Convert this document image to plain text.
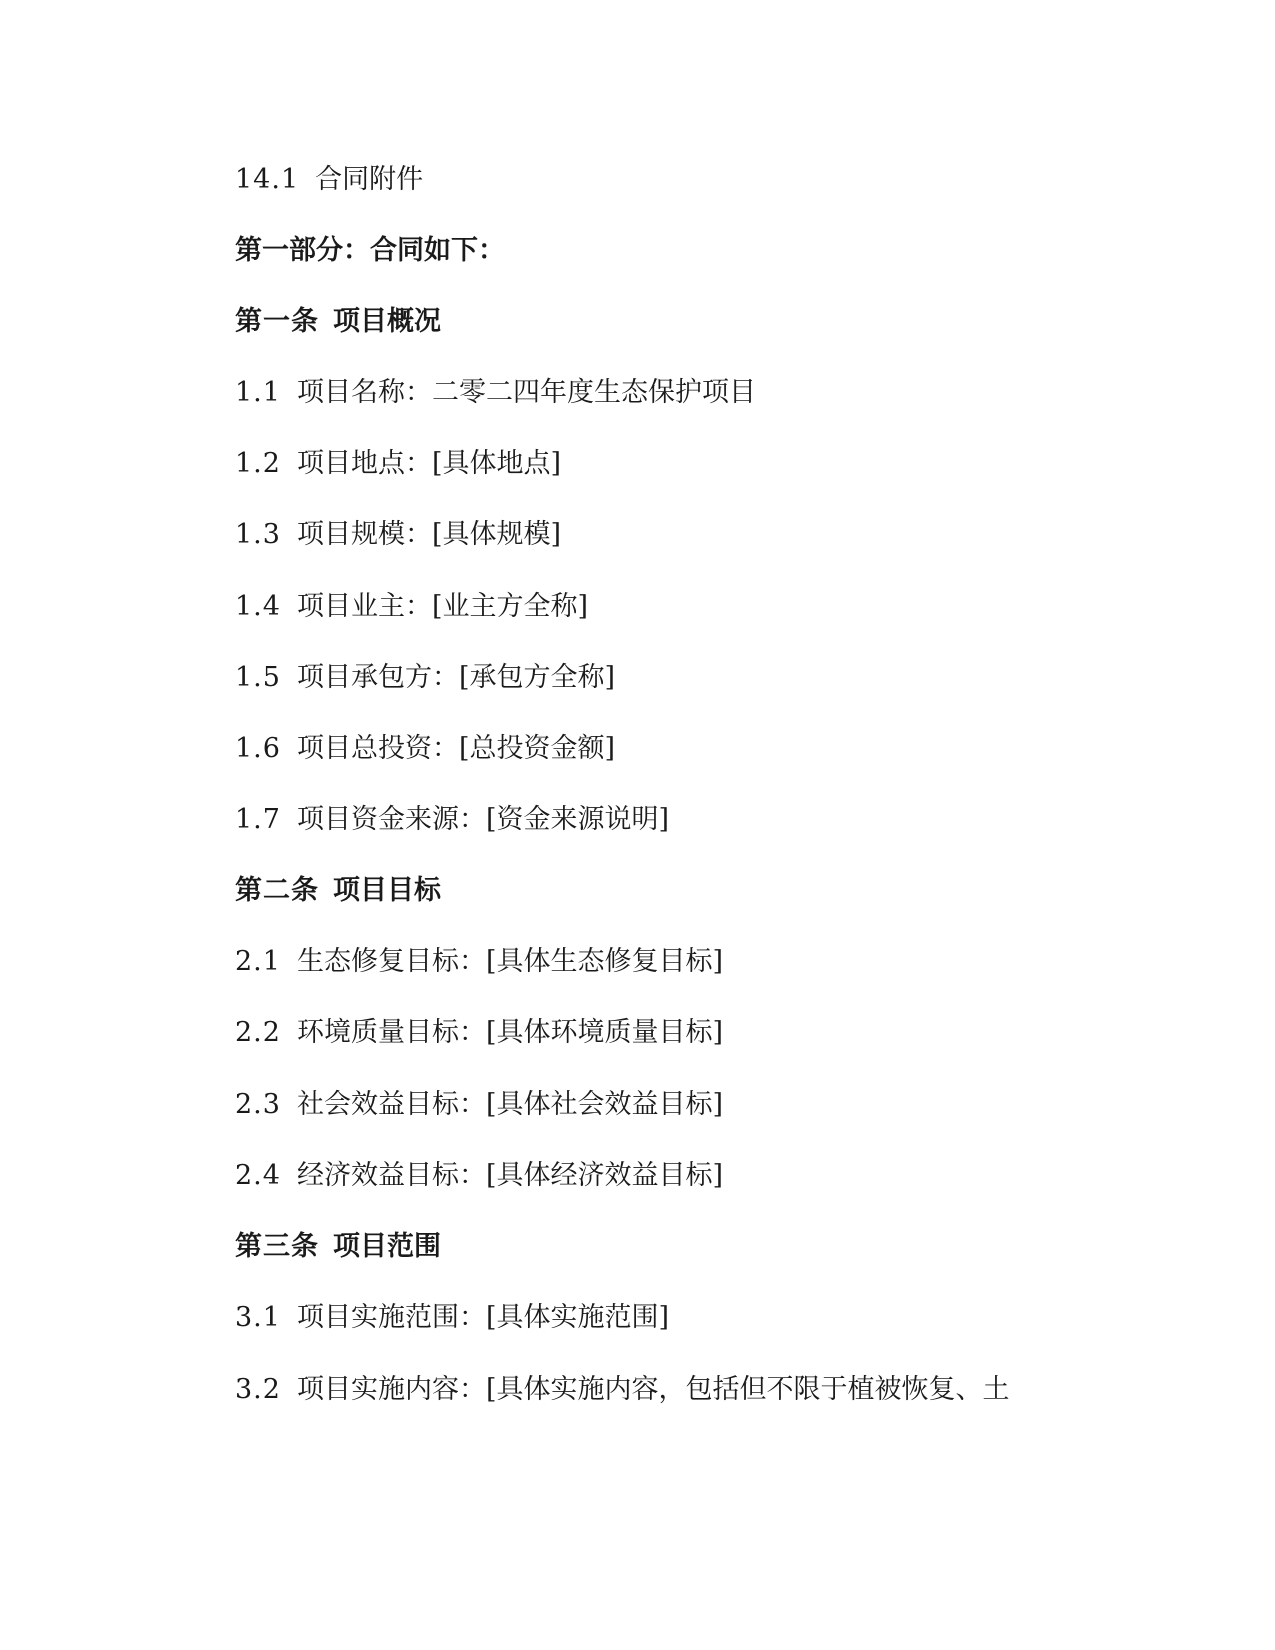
14.1 合同附件
第一部分：合同如下：
第一条 项目概况
1.1 项目名称：二零二四年度生态保护项目
1.2 项目地点：[具体地点]
1.3 项目规模：[具体规模]
1.4 项目业主：[业主方全称]
1.5 项目承包方：[承包方全称]
1.6 项目总投资：[总投资金额]
1.7 项目资金来源：[资金来源说明]
第二条 项目目标
2.1 生态修复目标：[具体生态修复目标]
2.2 环境质量目标：[具体环境质量目标]
2.3 社会效益目标：[具体社会效益目标]
2.4 经济效益目标：[具体经济效益目标]
第三条 项目范围
3.1 项目实施范围：[具体实施范围]
3.2 项目实施内容：[具体实施内容，包括但不限于植被恢复、土
